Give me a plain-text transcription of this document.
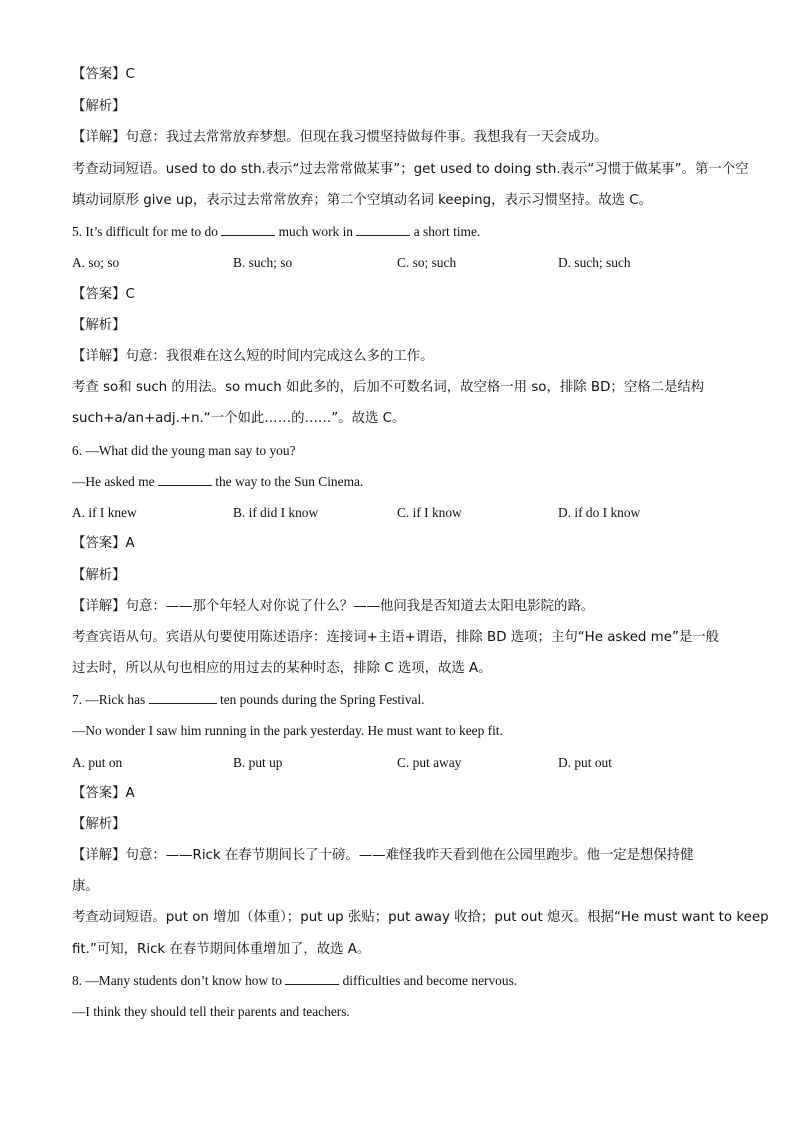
【答案】C
【解析】
【详解】句意：我过去常常放弃梦想。但现在我习惯坚持做每件事。我想我有一天会成功。
考查动词短语。used to do sth.表示“过去常常做某事”；get used to doing sth.表示“习惯于做某事”。第一个空
填动词原形 give up，表示过去常常放弃；第二个空填动名词 keeping，表示习惯坚持。故选 C。
5. It’s difficult for me to do	much work in	a short time.
A. so; so	B. such; so	C. so; such	D. such; such
【答案】C
【解析】
【详解】句意：我很难在这么短的时间内完成这么多的工作。
考查 so和 such 的用法。so much 如此多的，后加不可数名词，故空格一用 so，排除 BD；空格二是结构
such+a/an+adj.+n.“一个如此……的……”。故选 C。
6. —What did the young man say to you?
—He asked me	the way to the Sun Cinema.
A. if I knew	B. if did I know	C. if I know	D. if do I know
【答案】A
【解析】
【详解】句意：——那个年轻人对你说了什么？——他问我是否知道去太阳电影院的路。
考查宾语从句。宾语从句要使用陈述语序：连接词+主语+谓语，排除 BD 选项；主句“He asked me”是一般
过去时，所以从句也相应的用过去的某种时态，排除 C 选项，故选 A。
7. —Rick has	ten pounds during the Spring Festival.
—No wonder I saw him running in the park yesterday. He must want to keep fit.
A. put on	B. put up	C. put away	D. put out
【答案】A
【解析】
【详解】句意：——Rick 在春节期间长了十磅。——难怪我昨天看到他在公园里跑步。他一定是想保持健
康。
考查动词短语。put on 增加（体重）；put up 张贴；put away 收拾；put out 熄灭。根据“He must want to keep
fit.”可知，Rick 在春节期间体重增加了，故选 A。
8. —Many students don’t know how to	difficulties and become nervous.
—I think they should tell their parents and teachers.
